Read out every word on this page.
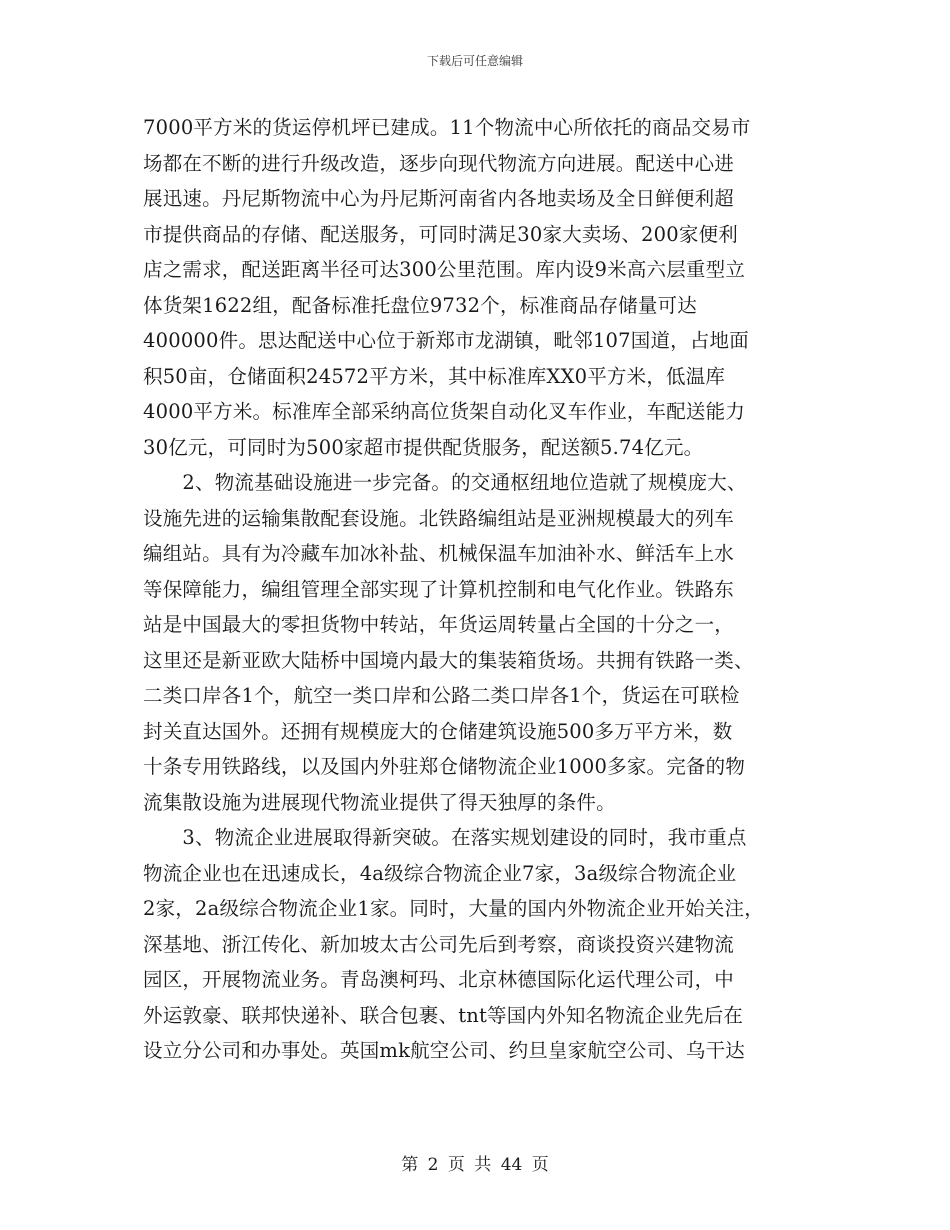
下载后可任意编辑
7000平方米的货运停机坪已建成。11个物流中心所依托的商品交易市
场都在不断的进行升级改造，逐步向现代物流方向进展。配送中心进
展迅速。丹尼斯物流中心为丹尼斯河南省内各地卖场及全日鲜便利超
市提供商品的存储、配送服务，可同时满足30家大卖场、200家便利
店之需求，配送距离半径可达300公里范围。库内设9米高六层重型立
体货架1622组，配备标准托盘位9732个，标准商品存储量可达
400000件。思达配送中心位于新郑市龙湖镇，毗邻107国道，占地面
积50亩，仓储面积24572平方米，其中标准库XX0平方米，低温库
4000平方米。标准库全部采纳高位货架自动化叉车作业，车配送能力
30亿元，可同时为500家超市提供配货服务，配送额5.74亿元。
　　2、物流基础设施进一步完备。的交通枢纽地位造就了规模庞大、
设施先进的运输集散配套设施。北铁路编组站是亚洲规模最大的列车
编组站。具有为冷藏车加冰补盐、机械保温车加油补水、鲜活车上水
等保障能力，编组管理全部实现了计算机控制和电气化作业。铁路东
站是中国最大的零担货物中转站，年货运周转量占全国的十分之一，
这里还是新亚欧大陆桥中国境内最大的集装箱货场。共拥有铁路一类、
二类口岸各1个，航空一类口岸和公路二类口岸各1个，货运在可联检
封关直达国外。还拥有规模庞大的仓储建筑设施500多万平方米，数
十条专用铁路线，以及国内外驻郑仓储物流企业1000多家。完备的物
流集散设施为进展现代物流业提供了得天独厚的条件。
　　3、物流企业进展取得新突破。在落实规划建设的同时，我市重点
物流企业也在迅速成长，4a级综合物流企业7家，3a级综合物流企业
2家，2a级综合物流企业1家。同时，大量的国内外物流企业开始关注，
深基地、浙江传化、新加坡太古公司先后到考察，商谈投资兴建物流
园区，开展物流业务。青岛澳柯玛、北京林德国际化运代理公司，中
外运敦豪、联邦快递补、联合包裹、tnt等国内外知名物流企业先后在
设立分公司和办事处。英国mk航空公司、约旦皇家航空公司、乌干达
第 2 页 共 44 页
